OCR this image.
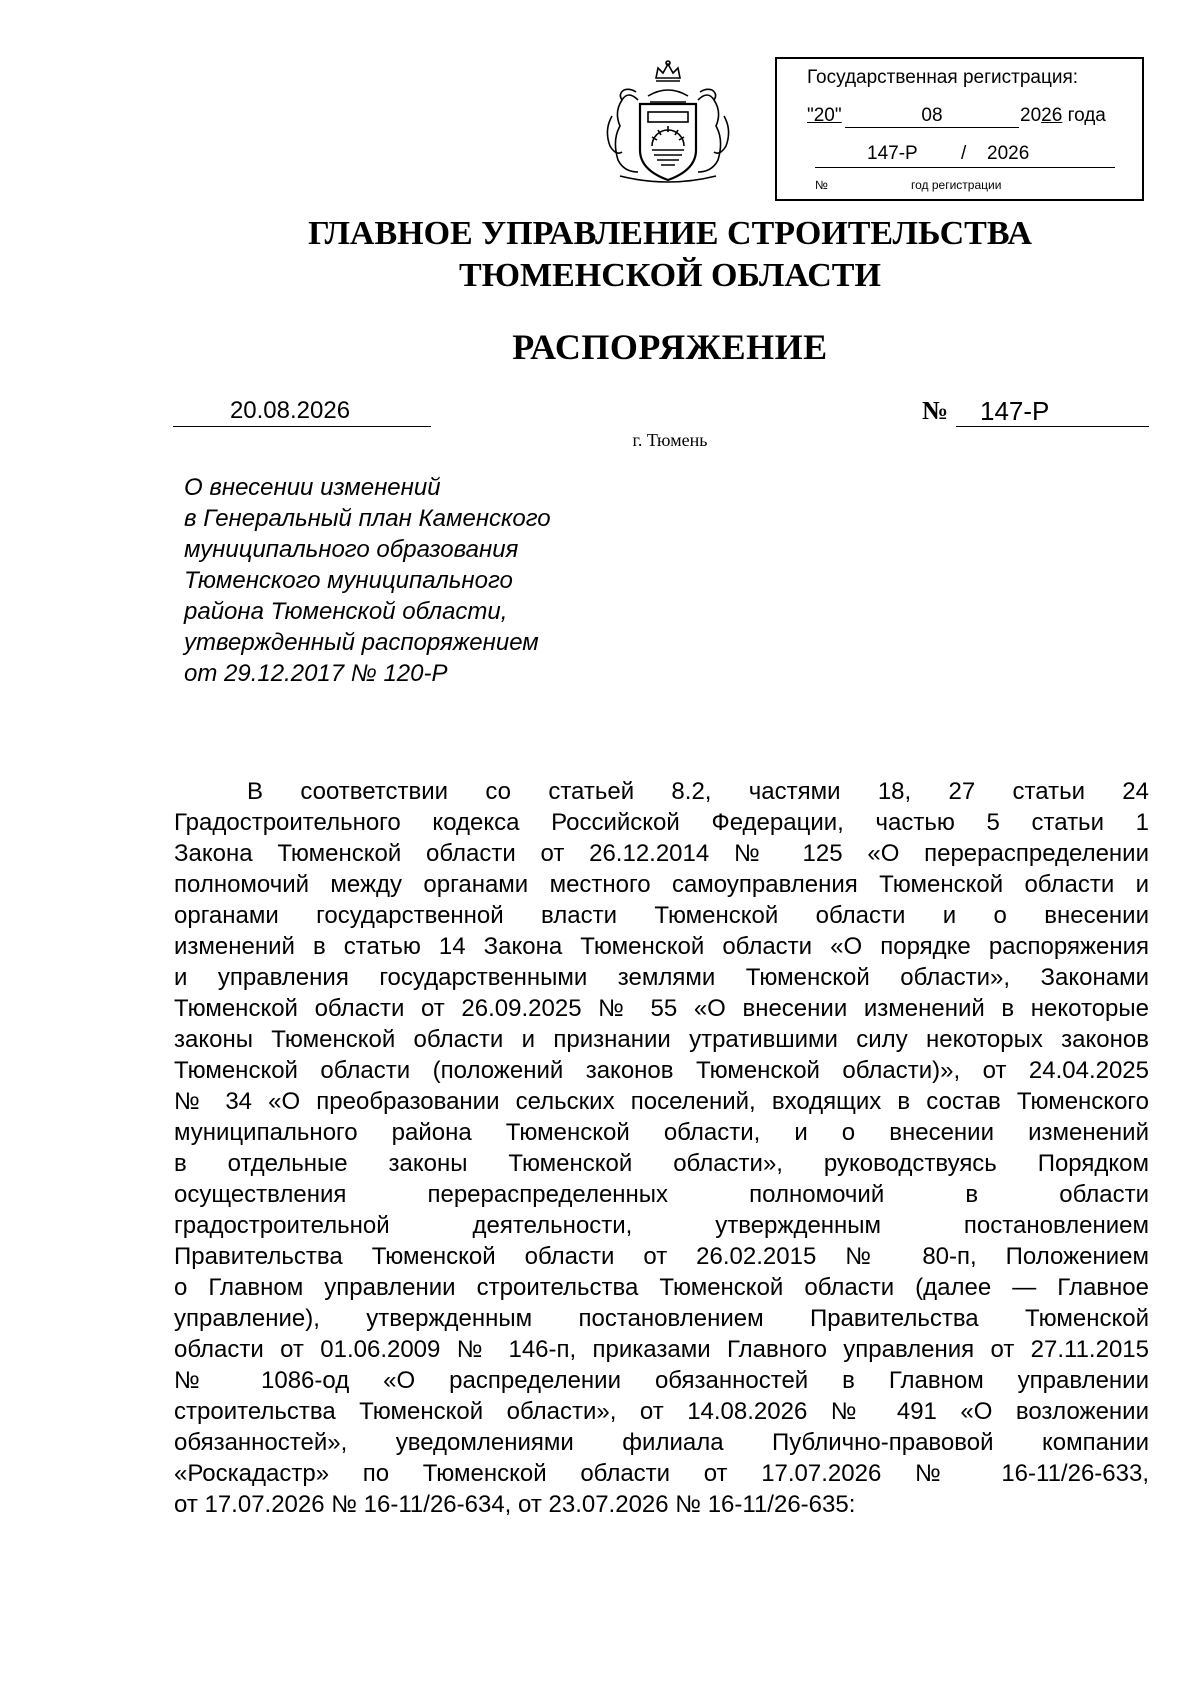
Государственная регистрация:
"20"	08	2026 года
147-Р / 2026
№	год регистрации
ГЛАВНОЕ УПРАВЛЕНИЕ СТРОИТЕЛЬСТВА
ТЮМЕНСКОЙ ОБЛАСТИ
РАСПОРЯЖЕНИЕ
20.08.2026	№ 147-Р
г. Тюмень
О внесении изменений
в Генеральный план Каменского
муниципального образования
Тюменского муниципального
района Тюменской области,
утвержденный распоряжением
от 29.12.2017 № 120-Р
В соответствии со статьей 8.2, частями 18, 27 статьи 24
Градостроительного кодекса Российской Федерации, частью 5 статьи 1
Закона Тюменской области от 26.12.2014 № 125 «О перераспределении
полномочий между органами местного самоуправления Тюменской области и
органами государственной власти Тюменской области и о внесении
изменений в статью 14 Закона Тюменской области «О порядке распоряжения
и управления государственными землями Тюменской области», Законами
Тюменской области от 26.09.2025 № 55 «О внесении изменений в некоторые
законы Тюменской области и признании утратившими силу некоторых законов
Тюменской области (положений законов Тюменской области)», от 24.04.2025
№ 34 «О преобразовании сельских поселений, входящих в состав Тюменского
муниципального района Тюменской области, и о внесении изменений
в отдельные законы Тюменской области», руководствуясь Порядком
осуществления перераспределенных полномочий в области
градостроительной деятельности, утвержденным постановлением
Правительства Тюменской области от 26.02.2015 № 80-п, Положением
о Главном управлении строительства Тюменской области (далее — Главное
управление), утвержденным постановлением Правительства Тюменской
области от 01.06.2009 № 146-п, приказами Главного управления от 27.11.2015
№ 1086-од «О распределении обязанностей в Главном управлении
строительства Тюменской области», от 14.08.2026 № 491 «О возложении
обязанностей», уведомлениями филиала Публично-правовой компании
«Роскадастр» по Тюменской области от 17.07.2026 № 16-11/26-633,
от 17.07.2026 № 16-11/26-634, от 23.07.2026 № 16-11/26-635:
